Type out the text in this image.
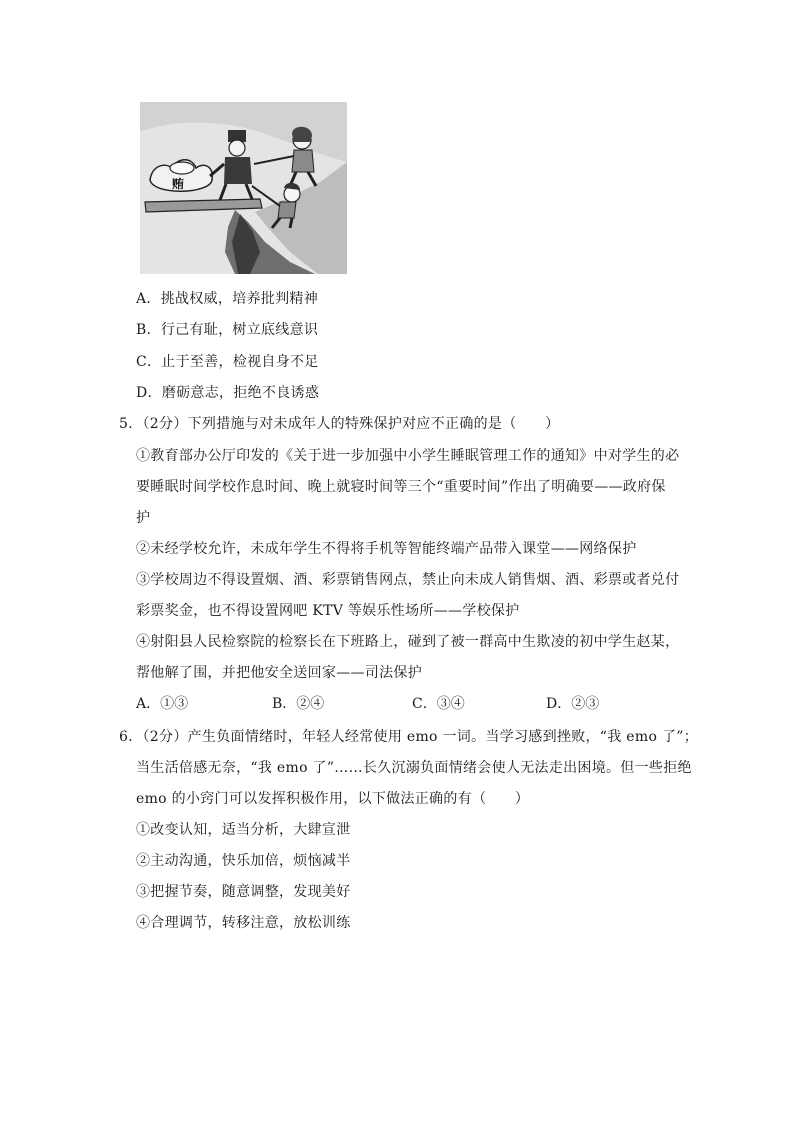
贿
A．挑战权威，培养批判精神
B．行己有耻，树立底线意识
C．止于至善，检视自身不足
D．磨砺意志，拒绝不良诱惑
5．（2分）下列措施与对未成年人的特殊保护对应不正确的是（　　）
①教育部办公厅印发的《关于进一步加强中小学生睡眠管理工作的通知》中对学生的必
要睡眠时间学校作息时间、晚上就寝时间等三个“重要时间”作出了明确要——政府保
护
②未经学校允许，未成年学生不得将手机等智能终端产品带入课堂——网络保护
③学校周边不得设置烟、酒、彩票销售网点，禁止向未成人销售烟、酒、彩票或者兑付
彩票奖金，也不得设置网吧 KTV 等娱乐性场所——学校保护
④射阳县人民检察院的检察长在下班路上，碰到了被一群高中生欺凌的初中学生赵某，
帮他解了围，并把他安全送回家——司法保护
A．①③	B．②④	C．③④	D．②③
6．（2分）产生负面情绪时，年轻人经常使用 emo 一词。当学习感到挫败，“我 emo 了”；
当生活倍感无奈，“我 emo 了”……长久沉溺负面情绪会使人无法走出困境。但一些拒绝
emo 的小窍门可以发挥积极作用，以下做法正确的有（　　）
①改变认知，适当分析，大肆宣泄
②主动沟通，快乐加倍，烦恼减半
③把握节奏，随意调整，发现美好
④合理调节，转移注意，放松训练
